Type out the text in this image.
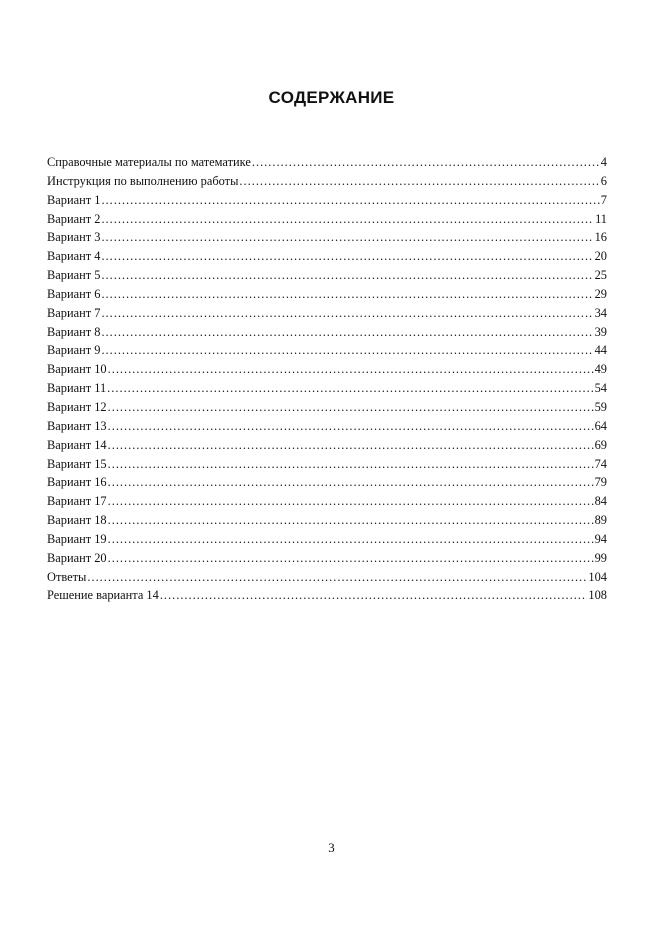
СОДЕРЖАНИЕ
Справочные материалы по математике .....	4
Инструкция по выполнению работы .....	6
Вариант 1 .....	7
Вариант 2 .....	11
Вариант 3 .....	16
Вариант 4 .....	20
Вариант 5 .....	25
Вариант 6 .....	29
Вариант 7 .....	34
Вариант 8 .....	39
Вариант 9 .....	44
Вариант 10 .....	49
Вариант 11 .....	54
Вариант 12 .....	59
Вариант 13 .....	64
Вариант 14 .....	69
Вариант 15 .....	74
Вариант 16 .....	79
Вариант 17 .....	84
Вариант 18 .....	89
Вариант 19 .....	94
Вариант 20 .....	99
Ответы .....	104
Решение варианта 14 .....	108
3
